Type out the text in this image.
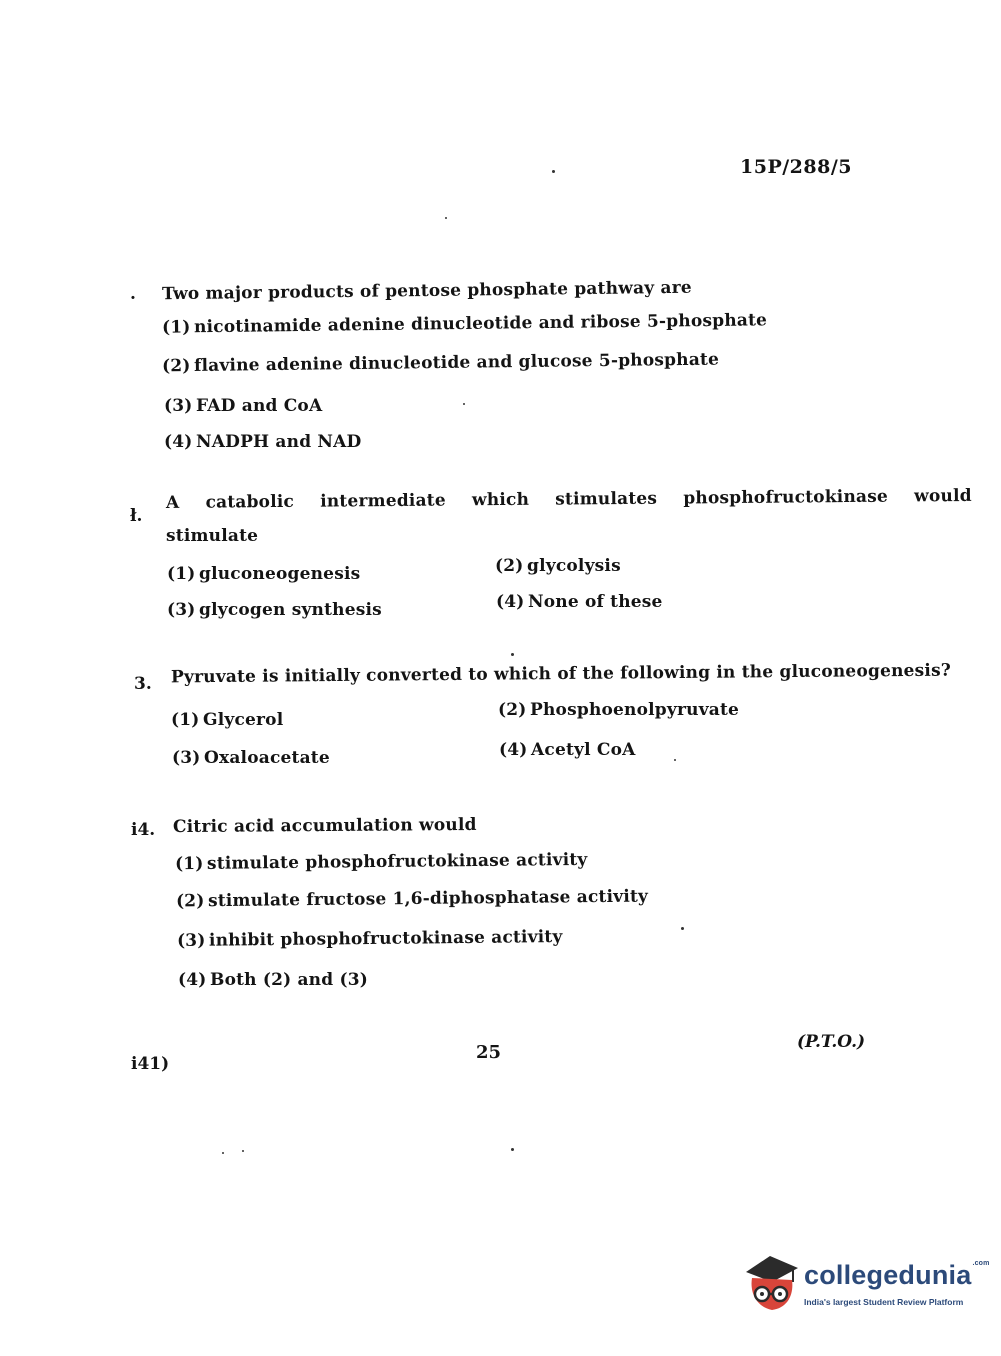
15P/288/5
. Two major products of pentose phosphate pathway are
(1) nicotinamide adenine dinucleotide and ribose 5-phosphate
(2) flavine adenine dinucleotide and glucose 5-phosphate
(3) FAD and CoA
(4) NADPH and NAD
ł.
A catabolic intermediate which stimulates phosphofructokinase would
stimulate
(1) gluconeogenesis	(2) glycolysis
(3) glycogen synthesis	(4) None of these
3. Pyruvate is initially converted to which of the following in the gluconeogenesis?
(1) Glycerol	(2) Phosphoenolpyruvate
(3) Oxaloacetate	(4) Acetyl CoA
i4. Citric acid accumulation would
(1) stimulate phosphofructokinase activity
(2) stimulate fructose 1,6-diphosphatase activity
(3) inhibit phosphofructokinase activity
(4) Both (2) and (3)
i41)
25	(P.T.O.)
collegedunia$^{.com}$
India's largest Student Review Platform
